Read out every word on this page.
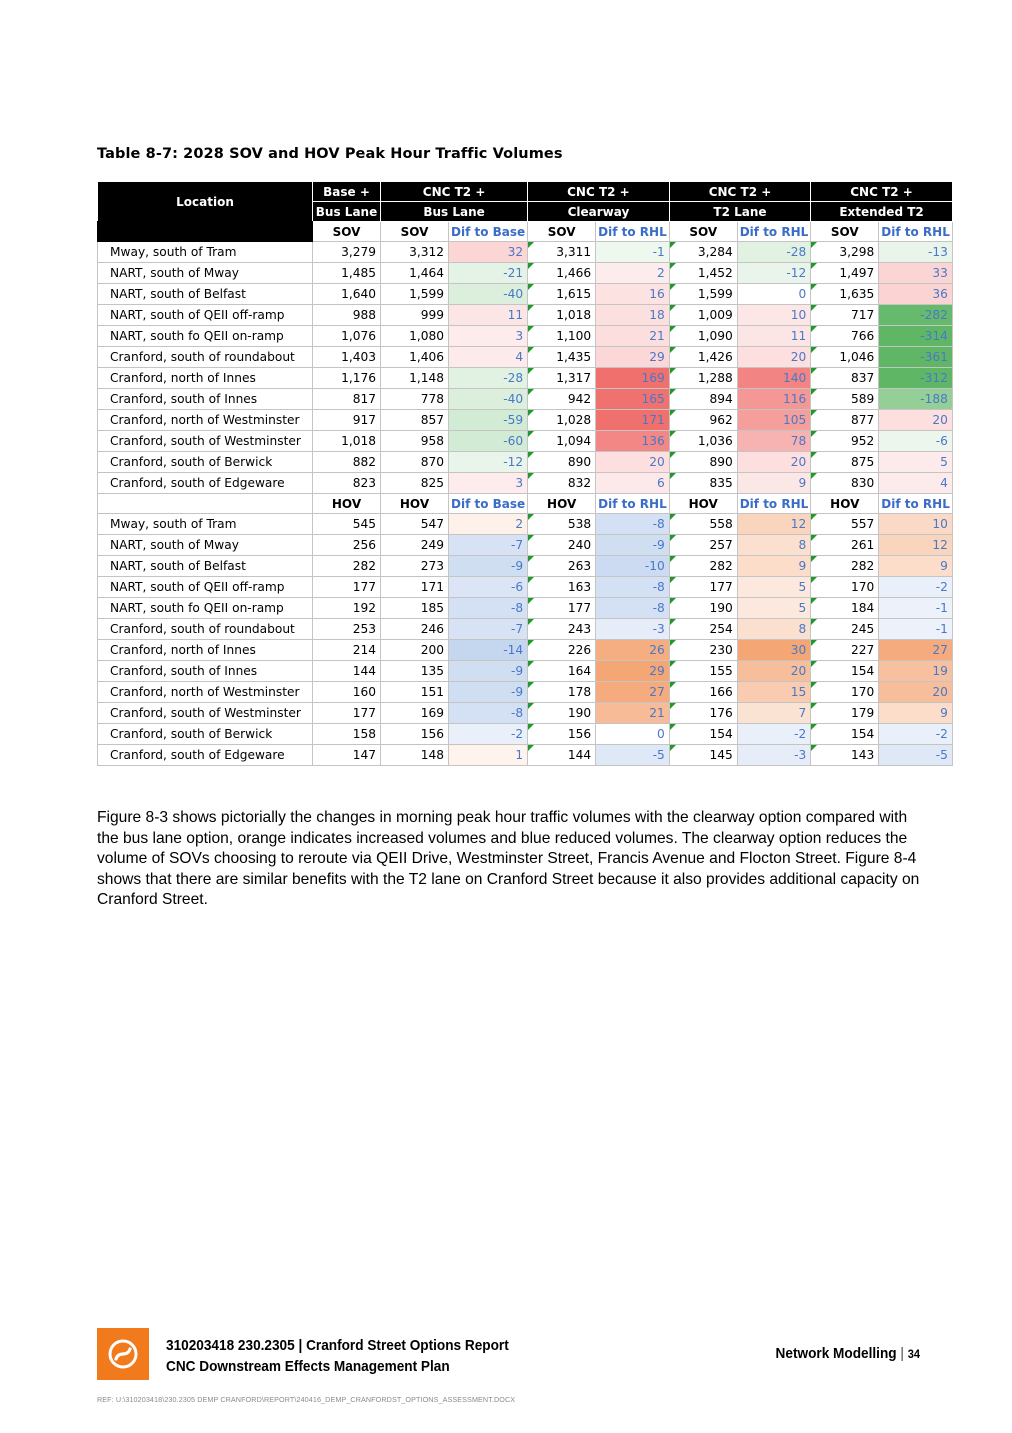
Table 8-7: 2028 SOV and HOV Peak Hour Traffic Volumes
Location	Base +	CNC T2 +		CNC T2 +		CNC T2 +		CNC T2 +	
	Bus Lane	Bus Lane		Clearway		T2 Lane		Extended T2	
	SOV	SOV	Dif to Base	SOV	Dif to RHL	SOV	Dif to RHL	SOV	Dif to RHL
Mway, south of Tram	3,279	3,312	32	3,311	-1	3,284	-28	3,298	-13
NART, south of Mway	1,485	1,464	-21	1,466	2	1,452	-12	1,497	33
NART, south of Belfast	1,640	1,599	-40	1,615	16	1,599	0	1,635	36
NART, south of QEII off-ramp	988	999	11	1,018	18	1,009	10	717	-282
NART, south fo QEII on-ramp	1,076	1,080	3	1,100	21	1,090	11	766	-314
Cranford, south of roundabout	1,403	1,406	4	1,435	29	1,426	20	1,046	-361
Cranford, north of Innes	1,176	1,148	-28	1,317	169	1,288	140	837	-312
Cranford, south of Innes	817	778	-40	942	165	894	116	589	-188
Cranford, north of Westminster	917	857	-59	1,028	171	962	105	877	20
Cranford, south of Westminster	1,018	958	-60	1,094	136	1,036	78	952	-6
Cranford, south of Berwick	882	870	-12	890	20	890	20	875	5
Cranford, south of Edgeware	823	825	3	832	6	835	9	830	4
	HOV	HOV	Dif to Base	HOV	Dif to RHL	HOV	Dif to RHL	HOV	Dif to RHL
Mway, south of Tram	545	547	2	538	-8	558	12	557	10
NART, south of Mway	256	249	-7	240	-9	257	8	261	12
NART, south of Belfast	282	273	-9	263	-10	282	9	282	9
NART, south of QEII off-ramp	177	171	-6	163	-8	177	5	170	-2
NART, south fo QEII on-ramp	192	185	-8	177	-8	190	5	184	-1
Cranford, south of roundabout	253	246	-7	243	-3	254	8	245	-1
Cranford, north of Innes	214	200	-14	226	26	230	30	227	27
Cranford, south of Innes	144	135	-9	164	29	155	20	154	19
Cranford, north of Westminster	160	151	-9	178	27	166	15	170	20
Cranford, south of Westminster	177	169	-8	190	21	176	7	179	9
Cranford, south of Berwick	158	156	-2	156	0	154	-2	154	-2
Cranford, south of Edgeware	147	148	1	144	-5	145	-3	143	-5
Figure 8-3 shows pictorially the changes in morning peak hour traffic volumes with the clearway option compared with the bus lane option, orange indicates increased volumes and blue reduced volumes. The clearway option reduces the volume of SOVs choosing to reroute via QEII Drive, Westminster Street, Francis Avenue and Flocton Street. Figure 8-4 shows that there are similar benefits with the T2 lane on Cranford Street because it also provides additional capacity on Cranford Street.
310203418 230.2305 | Cranford Street Options Report
CNC Downstream Effects Management Plan
Network Modelling | 34
REF: U:\310203418\230.2305 DEMP CRANFORD\REPORT\240416_DEMP_CRANFORDST_OPTIONS_ASSESSMENT.DOCX
